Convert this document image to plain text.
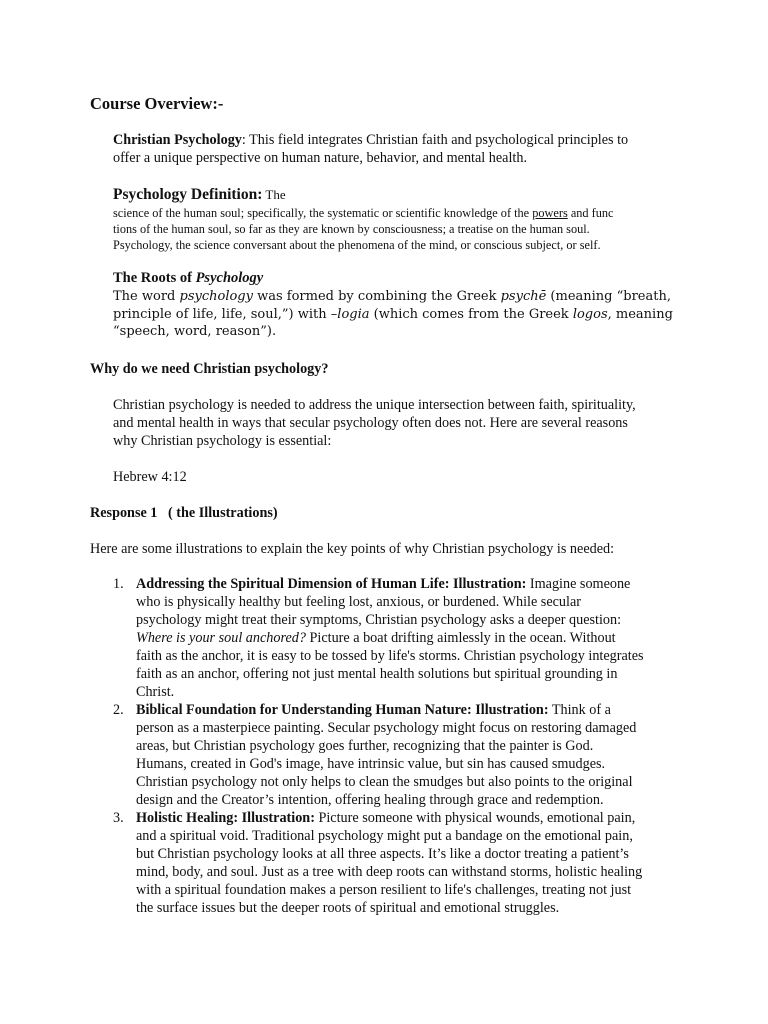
Course Overview:-
Christian Psychology: This field integrates Christian faith and psychological principles to
offer a unique perspective on human nature, behavior, and mental health.
Psychology Definition: The
science of the human soul; specifically, the systematic or scientific knowledge of the powers and func
tions of the human soul, so far as they are known by consciousness; a treatise on the human soul.
Psychology, the science conversant about the phenomena of the mind, or conscious subject, or self.
The Roots of Psychology
The word psychology was formed by combining the Greek psychē (meaning “breath,
principle of life, life, soul,”) with –logia (which comes from the Greek logos, meaning
“speech, word, reason”).
Why do we need Christian psychology?
Christian psychology is needed to address the unique intersection between faith, spirituality,
and mental health in ways that secular psychology often does not. Here are several reasons
why Christian psychology is essential:
Hebrew 4:12
Response 1   ( the Illustrations)
Here are some illustrations to explain the key points of why Christian psychology is needed:
1. Addressing the Spiritual Dimension of Human Life: Illustration: Imagine someone
who is physically healthy but feeling lost, anxious, or burdened. While secular
psychology might treat their symptoms, Christian psychology asks a deeper question:
Where is your soul anchored? Picture a boat drifting aimlessly in the ocean. Without
faith as the anchor, it is easy to be tossed by life's storms. Christian psychology integrates
faith as an anchor, offering not just mental health solutions but spiritual grounding in
Christ.
2. Biblical Foundation for Understanding Human Nature: Illustration: Think of a
person as a masterpiece painting. Secular psychology might focus on restoring damaged
areas, but Christian psychology goes further, recognizing that the painter is God.
Humans, created in God's image, have intrinsic value, but sin has caused smudges.
Christian psychology not only helps to clean the smudges but also points to the original
design and the Creator’s intention, offering healing through grace and redemption.
3. Holistic Healing: Illustration: Picture someone with physical wounds, emotional pain,
and a spiritual void. Traditional psychology might put a bandage on the emotional pain,
but Christian psychology looks at all three aspects. It’s like a doctor treating a patient’s
mind, body, and soul. Just as a tree with deep roots can withstand storms, holistic healing
with a spiritual foundation makes a person resilient to life's challenges, treating not just
the surface issues but the deeper roots of spiritual and emotional struggles.
